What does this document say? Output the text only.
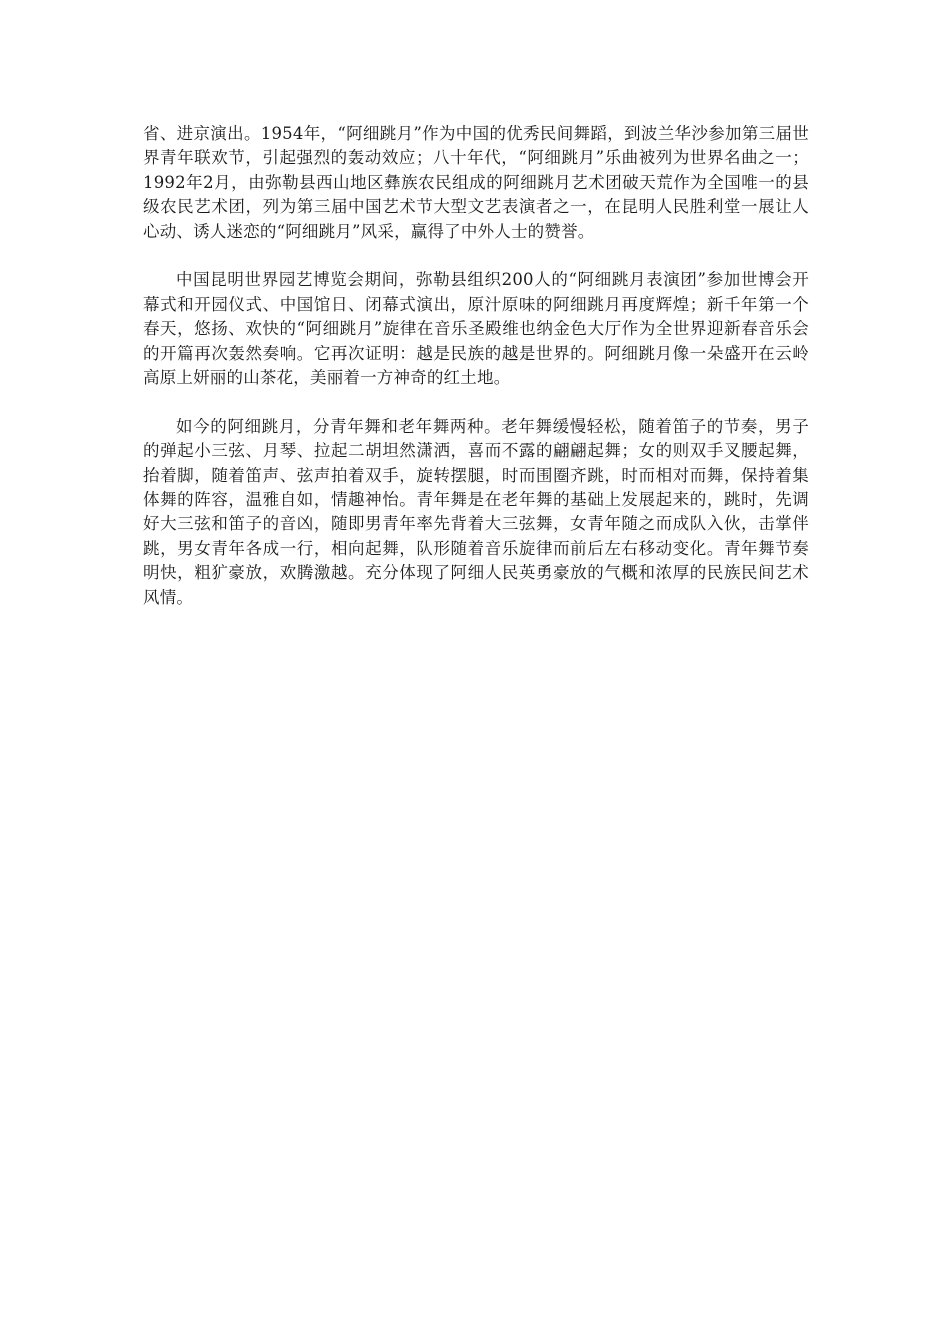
省、进京演出。1954年，“阿细跳月”作为中国的优秀民间舞蹈，到波兰华沙参加第三届世界青年联欢节，引起强烈的轰动效应；八十年代，“阿细跳月”乐曲被列为世界名曲之一；1992年2月，由弥勒县西山地区彝族农民组成的阿细跳月艺术团破天荒作为全国唯一的县级农民艺术团，列为第三届中国艺术节大型文艺表演者之一，在昆明人民胜利堂一展让人心动、诱人迷恋的“阿细跳月”风采，赢得了中外人士的赞誉。

中国昆明世界园艺博览会期间，弥勒县组织200人的“阿细跳月表演团”参加世博会开幕式和开园仪式、中国馆日、闭幕式演出，原汁原味的阿细跳月再度辉煌；新千年第一个春天，悠扬、欢快的“阿细跳月”旋律在音乐圣殿维也纳金色大厅作为全世界迎新春音乐会的开篇再次轰然奏响。它再次证明：越是民族的越是世界的。阿细跳月像一朵盛开在云岭高原上妍丽的山茶花，美丽着一方神奇的红土地。

如今的阿细跳月，分青年舞和老年舞两种。老年舞缓慢轻松，随着笛子的节奏，男子的弹起小三弦、月琴、拉起二胡坦然潇洒，喜而不露的翩翩起舞；女的则双手叉腰起舞，抬着脚，随着笛声、弦声拍着双手，旋转摆腿，时而围圈齐跳，时而相对而舞，保持着集体舞的阵容，温雅自如，情趣神怡。青年舞是在老年舞的基础上发展起来的，跳时，先调好大三弦和笛子的音凶，随即男青年率先背着大三弦舞，女青年随之而成队入伙，击掌伴跳，男女青年各成一行，相向起舞，队形随着音乐旋律而前后左右移动变化。青年舞节奏明快，粗犷豪放，欢腾激越。充分体现了阿细人民英勇豪放的气概和浓厚的民族民间艺术风情。
